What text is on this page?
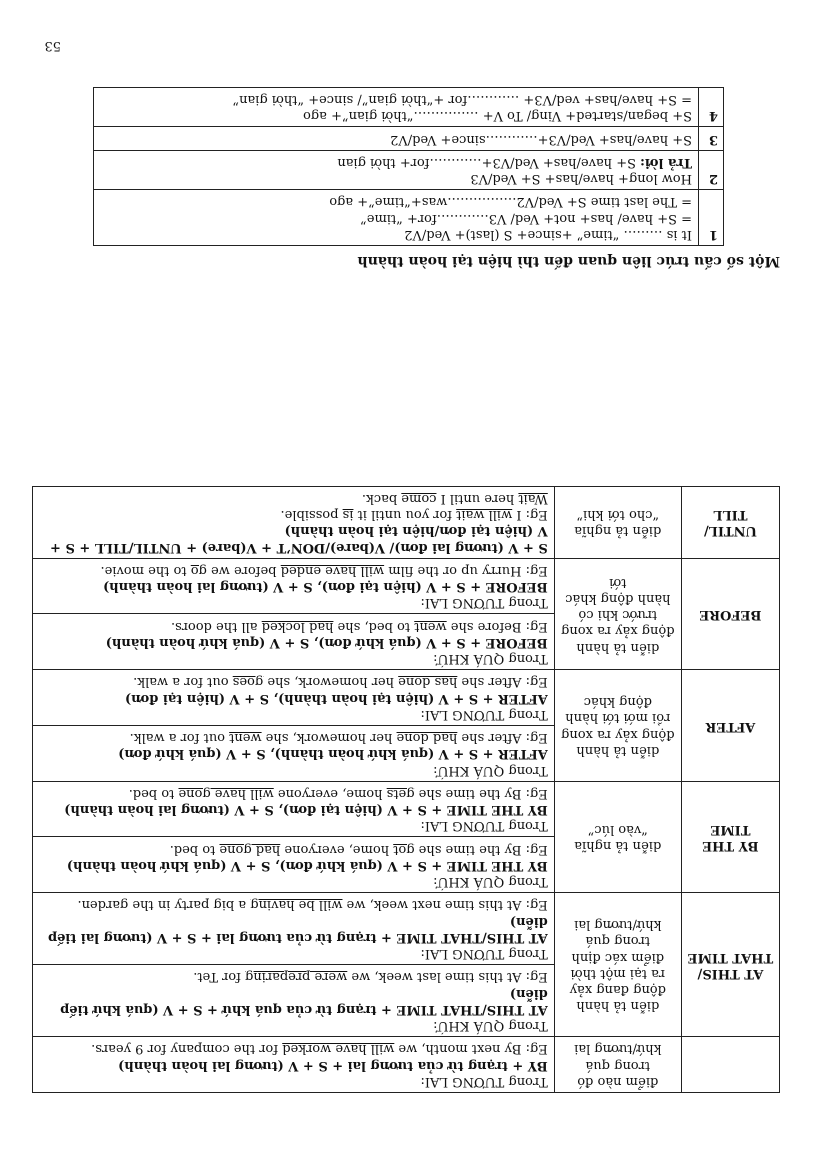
	điểm nào đó trong quá khứ/tương lai	Trong TƯƠNG LAI:
BY + trạng từ của tương lai + S + V (tương lai hoàn thành)
Eg: By next month, we will have worked for the company for 9 years.

AT THIS/ THAT TIME	diễn tả hành động đang xảy ra tại một thời điểm xác định trong quá khứ/tương lai	Trong QUÁ KHỨ:
AT THIS/THAT TIME + trạng từ của quá khứ + S + V (quá khứ tiếp diễn)
Eg: At this time last week, we were preparing for Tet.

		Trong TƯƠNG LAI:
AT THIS/THAT TIME + trạng từ của tương lai + S + V (tương lai tiếp diễn)
Eg: At this time next week, we will be having a big party in the garden.

BY THE TIME	diễn tả nghĩa “vào lúc”	Trong QUÁ KHỨ:
BY THE TIME + S + V (quá khứ đơn), S + V (quá khứ hoàn thành)
Eg: By the time she got home, everyone had gone to bed.

		Trong TƯƠNG LAI:
BY THE TIME + S + V (hiện tại đơn), S + V (tương lai hoàn thành)
Eg: By the time she gets home, everyone will have gone to bed.

AFTER	diễn tả hành động xảy ra xong rồi mới tới hành động khác	Trong QUÁ KHỨ:
AFTER + S + V (quá khứ hoàn thành), S + V (quá khứ đơn)
Eg: After she had done her homework, she went out for a walk.

		Trong TƯƠNG LAI:
AFTER + S + V (hiện tại hoàn thành), S + V (hiện tại đơn)
Eg: After she has done her homework, she goes out for a walk.

BEFORE	diễn tả hành động xảy ra xong trước khi có hành động khác tới	Trong QUÁ KHỨ:
BEFORE + S + V (quá khứ đơn), S + V (quá khứ hoàn thành)
Eg: Before she went to bed, she had locked all the doors.

		Trong TƯƠNG LAI:
BEFORE + S + V (hiện tại đơn), S + V (tương lai hoàn thành)
Eg: Hurry up or the film will have ended before we go to the movie.

UNTIL/ TILL	diễn tả nghĩa “cho tới khi”	S + V (tương lai đơn)/ V(bare)/DON’T + V(bare) + UNTIL/TILL + S + V (hiện tại đơn/hiện tại hoàn thành)
Eg: I will wait for you until it is possible.
Wait here until I come back.
Một số cấu trúc liên quan đến thì hiện tại hoàn thành
1	It is ……… “time” +since+ S (last)+ Ved/V2
= S+ have/ has+ not+ Ved/ V3…………for+ “time”
= The last time S+ Ved/V2…………….was+“time”+ ago

2	How long+ have/has+ S+ Ved/V3
Trả lời: S+ have/has+ Ved/V3+…………for+ thời gian

3	S+ have/has+ Ved/V3+…………since+ Ved/V2

4	S+ began/started+ Ving/ To V+ ……………“thời gian”+ ago
= S+ have/has+ ved/V3+ …………for +“thời gian”/ since+ “thời gian”
53
